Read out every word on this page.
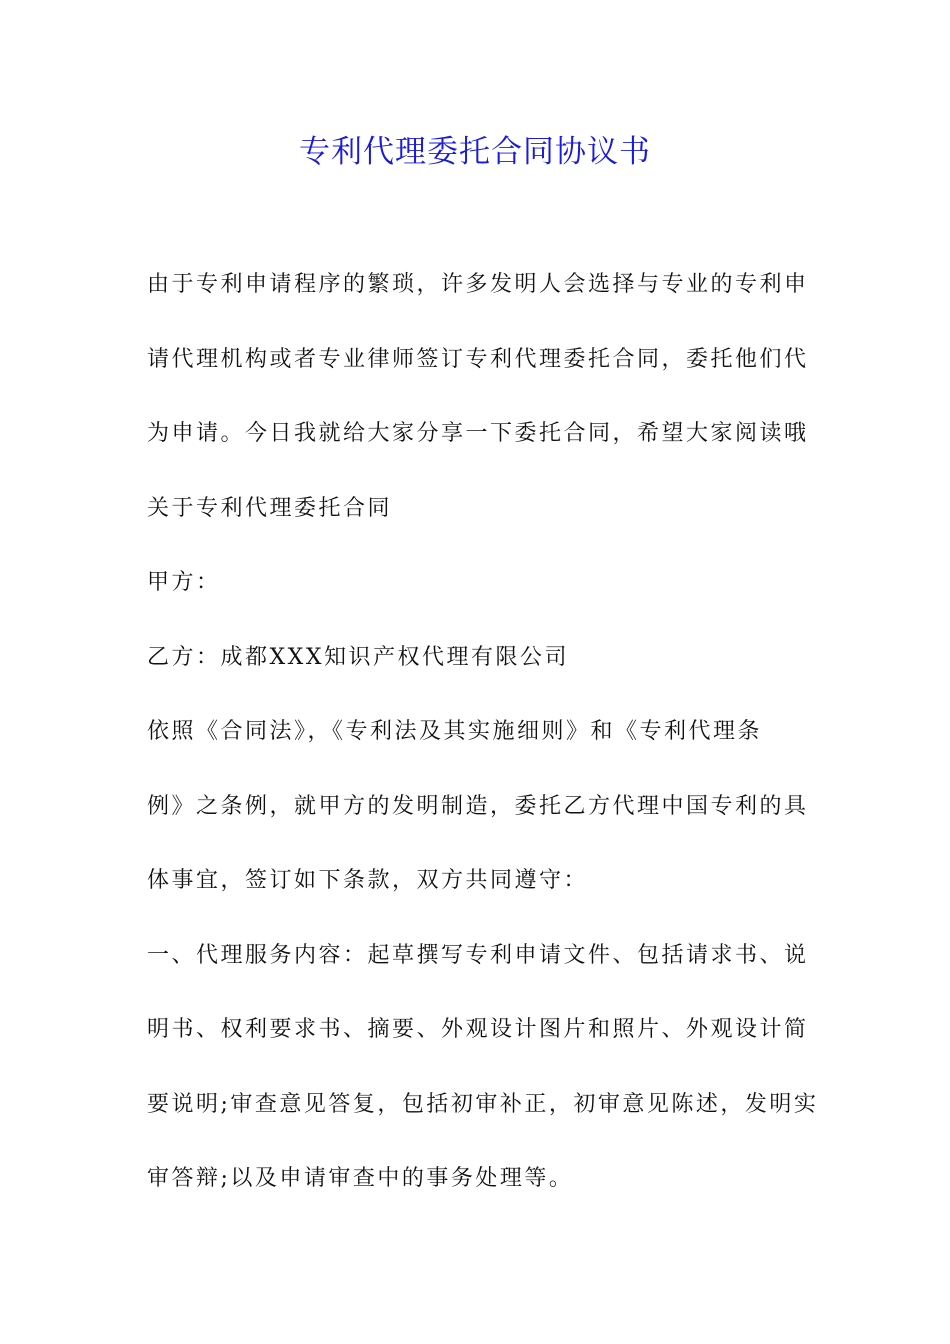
专利代理委托合同协议书

由于专利申请程序的繁琐，许多发明人会选择与专业的专利申

请代理机构或者专业律师签订专利代理委托合同，委托他们代

为申请。今日我就给大家分享一下委托合同，希望大家阅读哦

关于专利代理委托合同

甲方：

乙方：成都XXX知识产权代理有限公司

依照《合同法》，《专利法及其实施细则》和《专利代理条

例》之条例，就甲方的发明制造，委托乙方代理中国专利的具

体事宜，签订如下条款，双方共同遵守：

一、代理服务内容：起草撰写专利申请文件、包括请求书、说

明书、权利要求书、摘要、外观设计图片和照片、外观设计简

要说明;审查意见答复，包括初审补正，初审意见陈述，发明实

审答辩;以及申请审查中的事务处理等。
